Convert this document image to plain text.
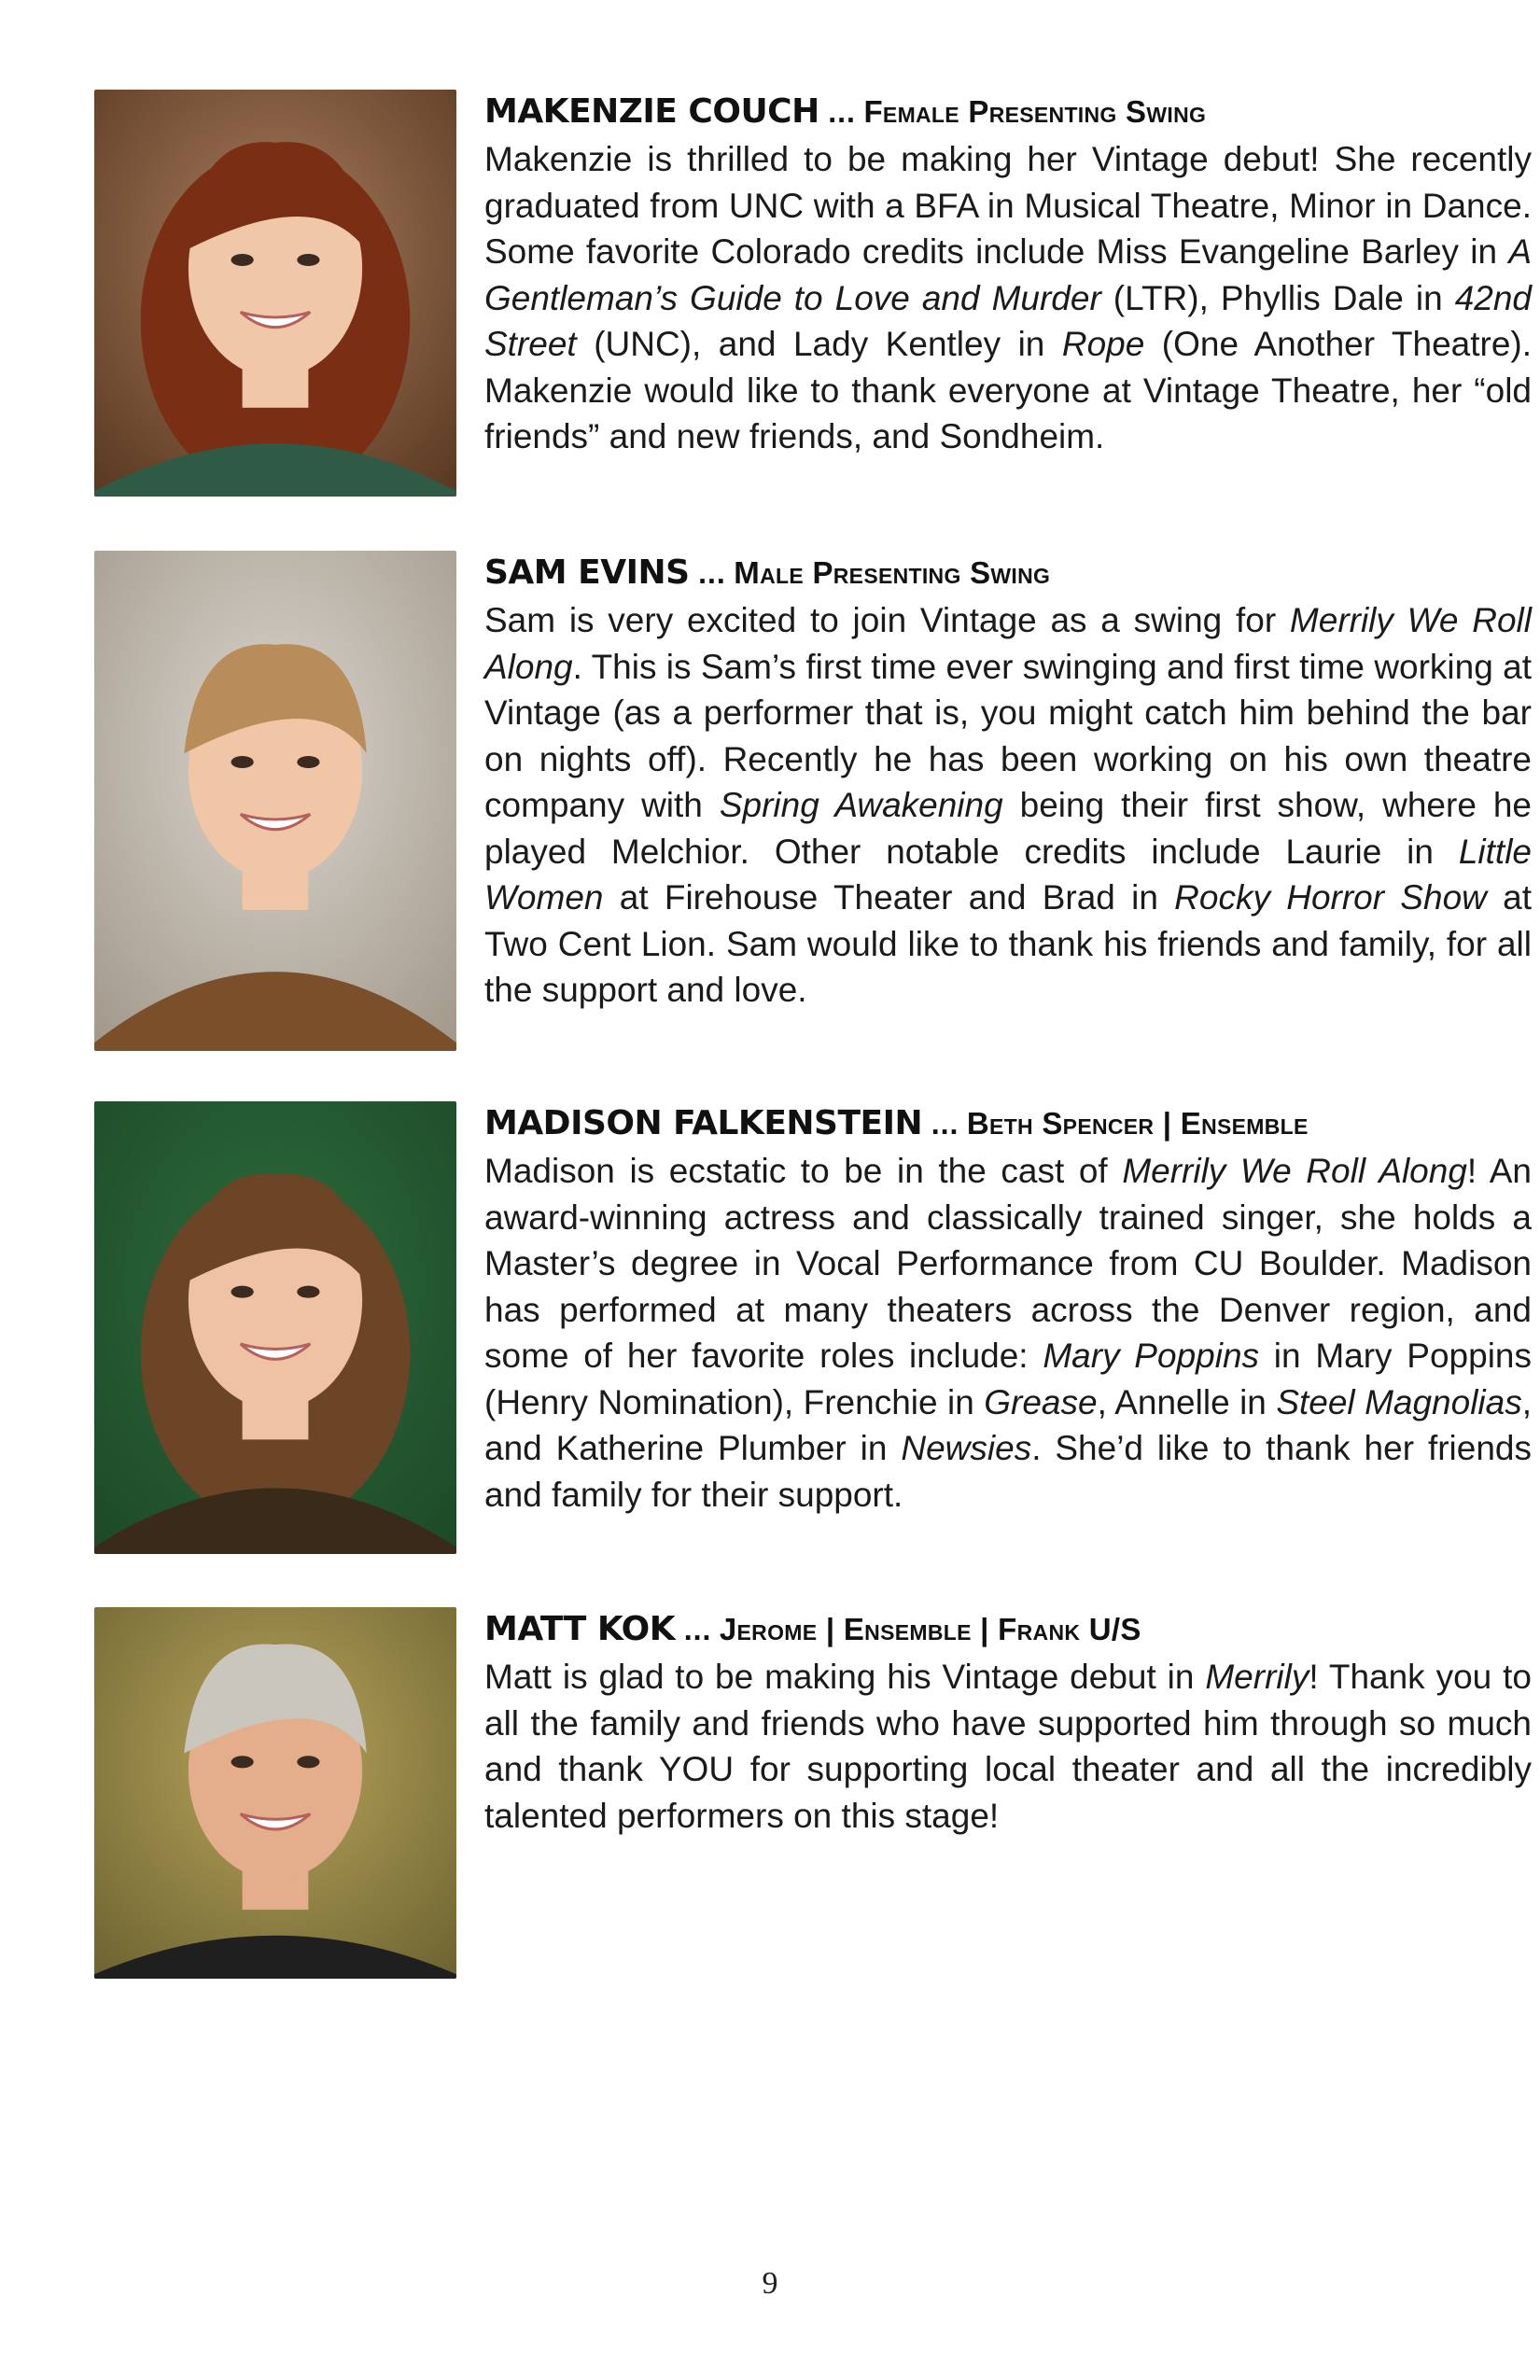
MAKENZIE COUCH ... Female Presenting Swing

Makenzie is thrilled to be making her Vintage debut! She recently graduated from UNC with a BFA in Musical Theatre, Minor in Dance. Some favorite Colorado credits include Miss Evangeline Barley in A Gentleman’s Guide to Love and Murder (LTR), Phyllis Dale in 42nd Street (UNC), and Lady Kentley in Rope (One Another Theatre). Makenzie would like to thank everyone at Vintage Theatre, her “old friends” and new friends, and Sondheim.

SAM EVINS ... Male Presenting Swing

Sam is very excited to join Vintage as a swing for Merrily We Roll Along. This is Sam’s first time ever swinging and first time working at Vintage (as a performer that is, you might catch him behind the bar on nights off). Recently he has been working on his own theatre company with Spring Awakening being their first show, where he played Melchior. Other notable credits include Laurie in Little Women at Firehouse Theater and Brad in Rocky Horror Show at Two Cent Lion. Sam would like to thank his friends and family, for all the support and love.

MADISON FALKENSTEIN ... Beth Spencer | Ensemble

Madison is ecstatic to be in the cast of Merrily We Roll Along! An award-winning actress and classically trained singer, she holds a Master’s degree in Vocal Performance from CU Boulder. Madison has performed at many theaters across the Denver region, and some of her favorite roles include: Mary Poppins in Mary Poppins (Henry Nomination), Frenchie in Grease, Annelle in Steel Magnolias, and Katherine Plumber in Newsies. She’d like to thank her friends and family for their support.

MATT KOK ... Jerome | Ensemble | Frank U/S

Matt is glad to be making his Vintage debut in Merrily! Thank you to all the family and friends who have supported him through so much and thank YOU for supporting local theater and all the incredibly talented performers on this stage!

9
